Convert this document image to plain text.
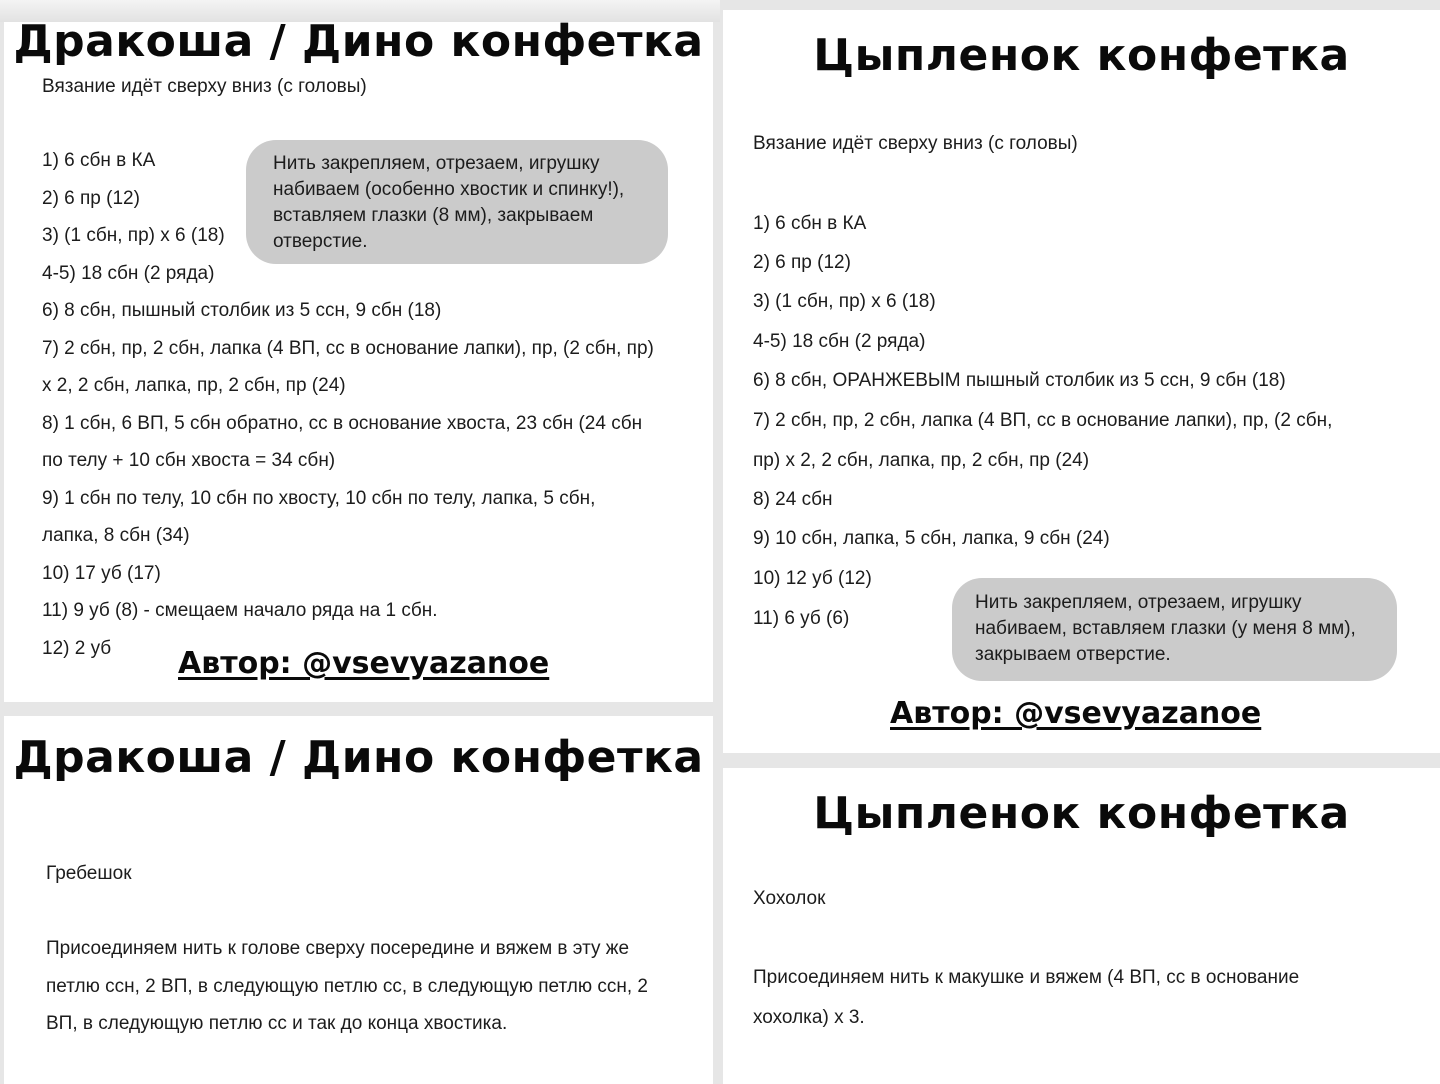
Дракоша / Дино конфетка
Вязание идёт сверху вниз (с головы)
1) 6 сбн в КА
2) 6 пр (12)
3) (1 сбн, пр) х 6 (18)
4-5) 18 сбн (2 ряда)
6) 8 сбн, пышный столбик из 5 ссн, 9 сбн (18)
7) 2 сбн, пр, 2 сбн, лапка (4 ВП, сс в основание лапки), пр, (2 сбн, пр)
х 2, 2 сбн, лапка, пр, 2 сбн, пр (24)
8) 1 сбн, 6 ВП, 5 сбн обратно, сс в основание хвоста, 23 сбн (24 сбн
по телу + 10 сбн хвоста = 34 сбн)
9) 1 сбн по телу, 10 сбн по хвосту, 10 сбн по телу, лапка, 5 сбн,
лапка, 8 сбн (34)
10) 17 уб (17)
11) 9 уб (8) - смещаем начало ряда на 1 сбн.
12) 2 уб
Нить закрепляем, отрезаем, игрушку
набиваем (особенно хвостик и спинку!),
вставляем глазки (8 мм), закрываем
отверстие.
Автор: @vsevyazanoe
Цыпленок конфетка
Вязание идёт сверху вниз (с головы)
1) 6 сбн в КА
2) 6 пр (12)
3) (1 сбн, пр) х 6 (18)
4-5) 18 сбн (2 ряда)
6) 8 сбн, ОРАНЖЕВЫМ пышный столбик из 5 ссн, 9 сбн (18)
7) 2 сбн, пр, 2 сбн, лапка (4 ВП, сс в основание лапки), пр, (2 сбн,
пр) х 2, 2 сбн, лапка, пр, 2 сбн, пр (24)
8) 24 сбн
9) 10 сбн, лапка, 5 сбн, лапка, 9 сбн (24)
10) 12 уб (12)
11) 6 уб (6)
Нить закрепляем, отрезаем, игрушку
набиваем, вставляем глазки (у меня 8 мм),
закрываем отверстие.
Автор: @vsevyazanoe
Дракоша / Дино конфетка
Гребешок
Присоединяем нить к голове сверху посередине и вяжем в эту же
петлю ссн, 2 ВП, в следующую петлю сс, в следующую петлю ссн, 2
ВП, в следующую петлю сс и так до конца хвостика.
Цыпленок конфетка
Хохолок
Присоединяем нить к макушке и вяжем (4 ВП, сс в основание
хохолка) х 3.
